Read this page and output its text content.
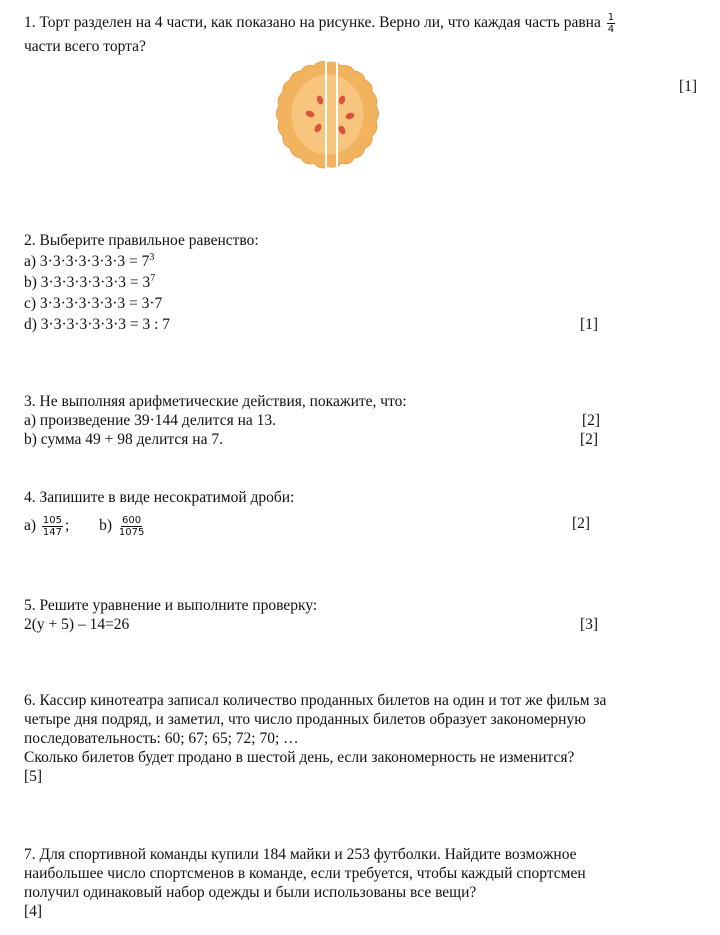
1. Торт разделен на 4 части, как показано на рисунке. Верно ли, что каждая часть равна $\frac{1}{4}$
части всего торта?
[1]
2. Выберите правильное равенство:
a) $3\cdot 3\cdot 3\cdot 3\cdot 3\cdot 3\cdot 3 = 7^3$
b) $3\cdot 3\cdot 3\cdot 3\cdot 3\cdot 3\cdot 3 = 3^7$
c) 3·3·3·3·3·3·3 = 3·7
d) 3·3·3·3·3·3·3 = 3 : 7	[1]
3. Не выполняя арифметические действия, покажите, что:
a) произведение 39·144 делится на 13.	[2]
b) сумма 49 + 98 делится на 7.	[2]
4. Запишите в виде несократимой дроби:
$a) \frac{105}{147}$ ; $b) \frac{600}{1075}$	[2]
5. Решите уравнение и выполните проверку:
2(y + 5) – 14=26	[3]
6. Кассир кинотеатра записал количество проданных билетов на один и тот же фильм за
четыре дня подряд, и заметил, что число проданных билетов образует закономерную
последовательность: 60; 67; 65; 72; 70; …
Сколько билетов будет продано в шестой день, если закономерность не изменится?
[5]
7. Для спортивной команды купили 184 майки и 253 футболки. Найдите возможное
наибольшее число спортсменов в команде, если требуется, чтобы каждый спортсмен
получил одинаковый набор одежды и были использованы все вещи?
[4]
